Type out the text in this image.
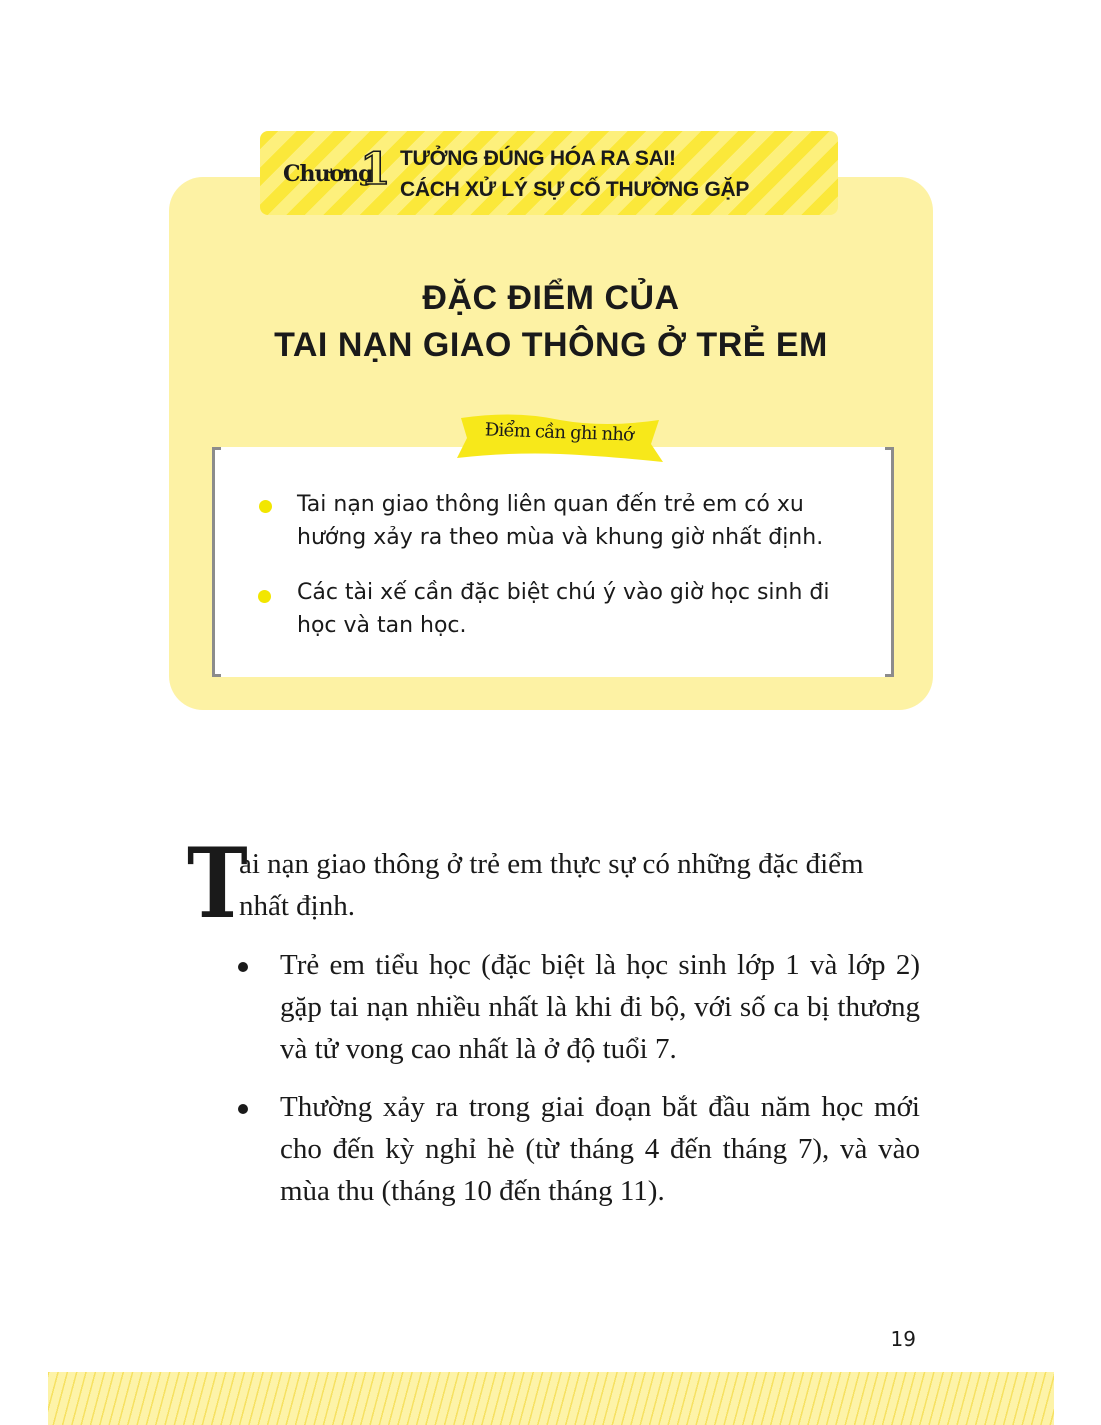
Chương
1 TƯỞNG ĐÚNG HÓA RA SAI!
CÁCH XỬ LÝ SỰ CỐ THƯỜNG GẶP
ĐẶC ĐIỂM CỦA
TAI NẠN GIAO THÔNG Ở TRẺ EM
Điểm cần ghi nhớ
Tai nạn giao thông liên quan đến trẻ em có xu
hướng xảy ra theo mùa và khung giờ nhất định.
Các tài xế cần đặc biệt chú ý vào giờ học sinh đi
học và tan học.
T
ai nạn giao thông ở trẻ em thực sự có những đặc điểm
nhất định.
Trẻ em tiểu học (đặc biệt là học sinh lớp 1 và lớp 2) gặp tai nạn nhiều nhất là khi đi bộ, với số ca bị thương và tử vong cao nhất là ở độ tuổi 7.
Thường xảy ra trong giai đoạn bắt đầu năm học mới cho đến kỳ nghỉ hè (từ tháng 4 đến tháng 7), và vào mùa thu (tháng 10 đến tháng 11).
19
